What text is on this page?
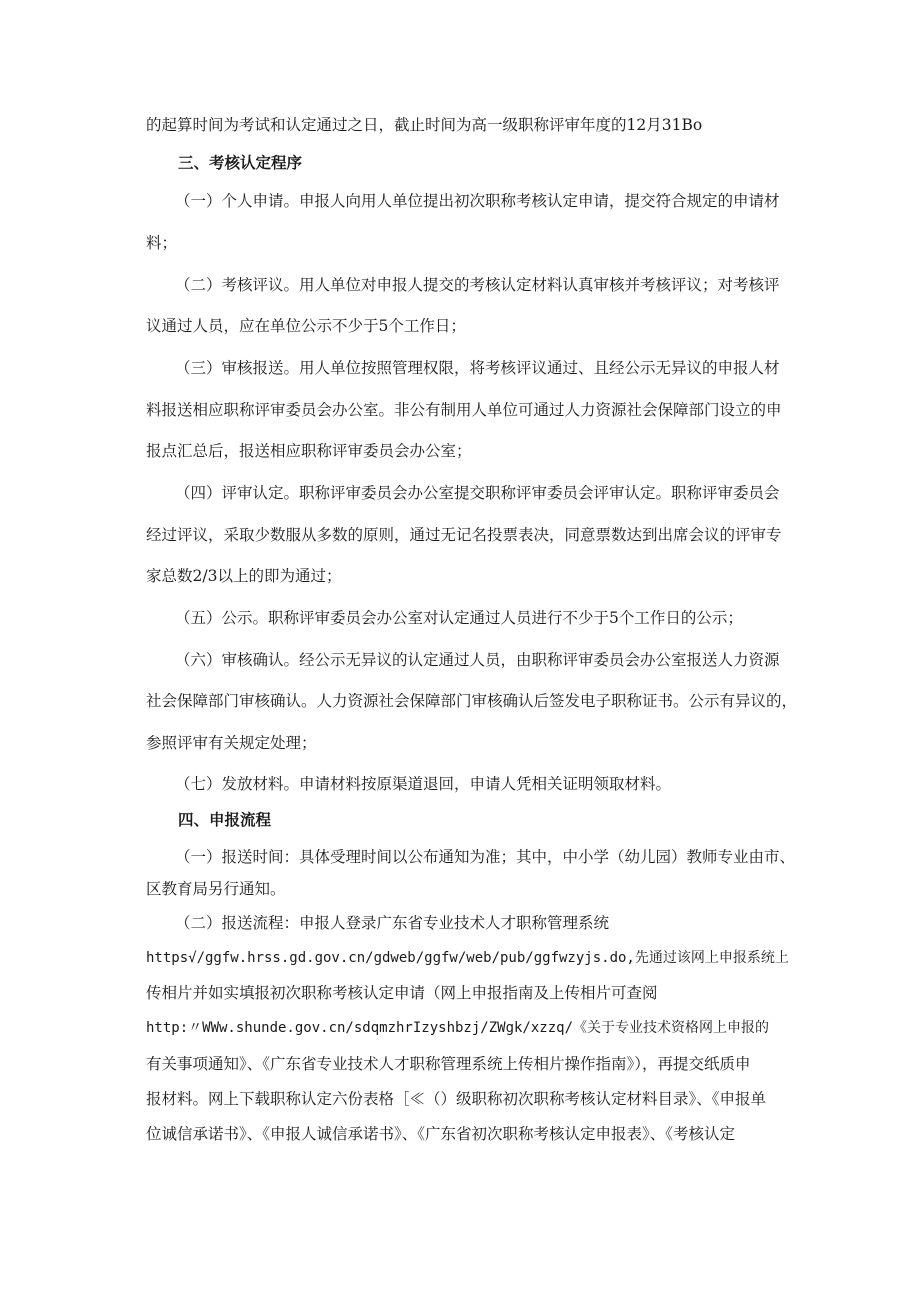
的起算时间为考试和认定通过之日，截止时间为高一级职称评审年度的12月31Bo
三、考核认定程序
（一）个人申请。申报人向用人单位提出初次职称考核认定申请，提交符合规定的申请材
料；
（二）考核评议。用人单位对申报人提交的考核认定材料认真审核并考核评议；对考核评
议通过人员，应在单位公示不少于5个工作日；
（三）审核报送。用人单位按照管理权限，将考核评议通过、且经公示无异议的申报人材
料报送相应职称评审委员会办公室。非公有制用人单位可通过人力资源社会保障部门设立的申
报点汇总后，报送相应职称评审委员会办公室；
（四）评审认定。职称评审委员会办公室提交职称评审委员会评审认定。职称评审委员会
经过评议，采取少数服从多数的原则，通过无记名投票表决，同意票数达到出席会议的评审专
家总数2/3以上的即为通过；
（五）公示。职称评审委员会办公室对认定通过人员进行不少于5个工作日的公示；
（六）审核确认。经公示无异议的认定通过人员，由职称评审委员会办公室报送人力资源
社会保障部门审核确认。人力资源社会保障部门审核确认后签发电子职称证书。公示有异议的，
参照评审有关规定处理；
（七）发放材料。申请材料按原渠道退回，申请人凭相关证明领取材料。
四、申报流程
（一）报送时间：具体受理时间以公布通知为准；其中，中小学（幼儿园）教师专业由市、
区教育局另行通知。
（二）报送流程：申报人登录广东省专业技术人才职称管理系统
https√/ggfw.hrss.gd.gov.cn/gdweb/ggfw/web/pub/ggfwzyjs.do,先通过该网上申报系统上
传相片并如实填报初次职称考核认定申请（网上申报指南及上传相片可查阅
http:〃WWw.shunde.gov.cn/sdqmzhrIzyshbzj/ZWgk/xzzq/《关于专业技术资格网上申报的
有关事项通知》、《广东省专业技术人才职称管理系统上传相片操作指南》），再提交纸质申
报材料。网上下载职称认定六份表格［≪（）级职称初次职称考核认定材料目录》、《申报单
位诚信承诺书》、《申报人诚信承诺书》、《广东省初次职称考核认定申报表》、《考核认定
